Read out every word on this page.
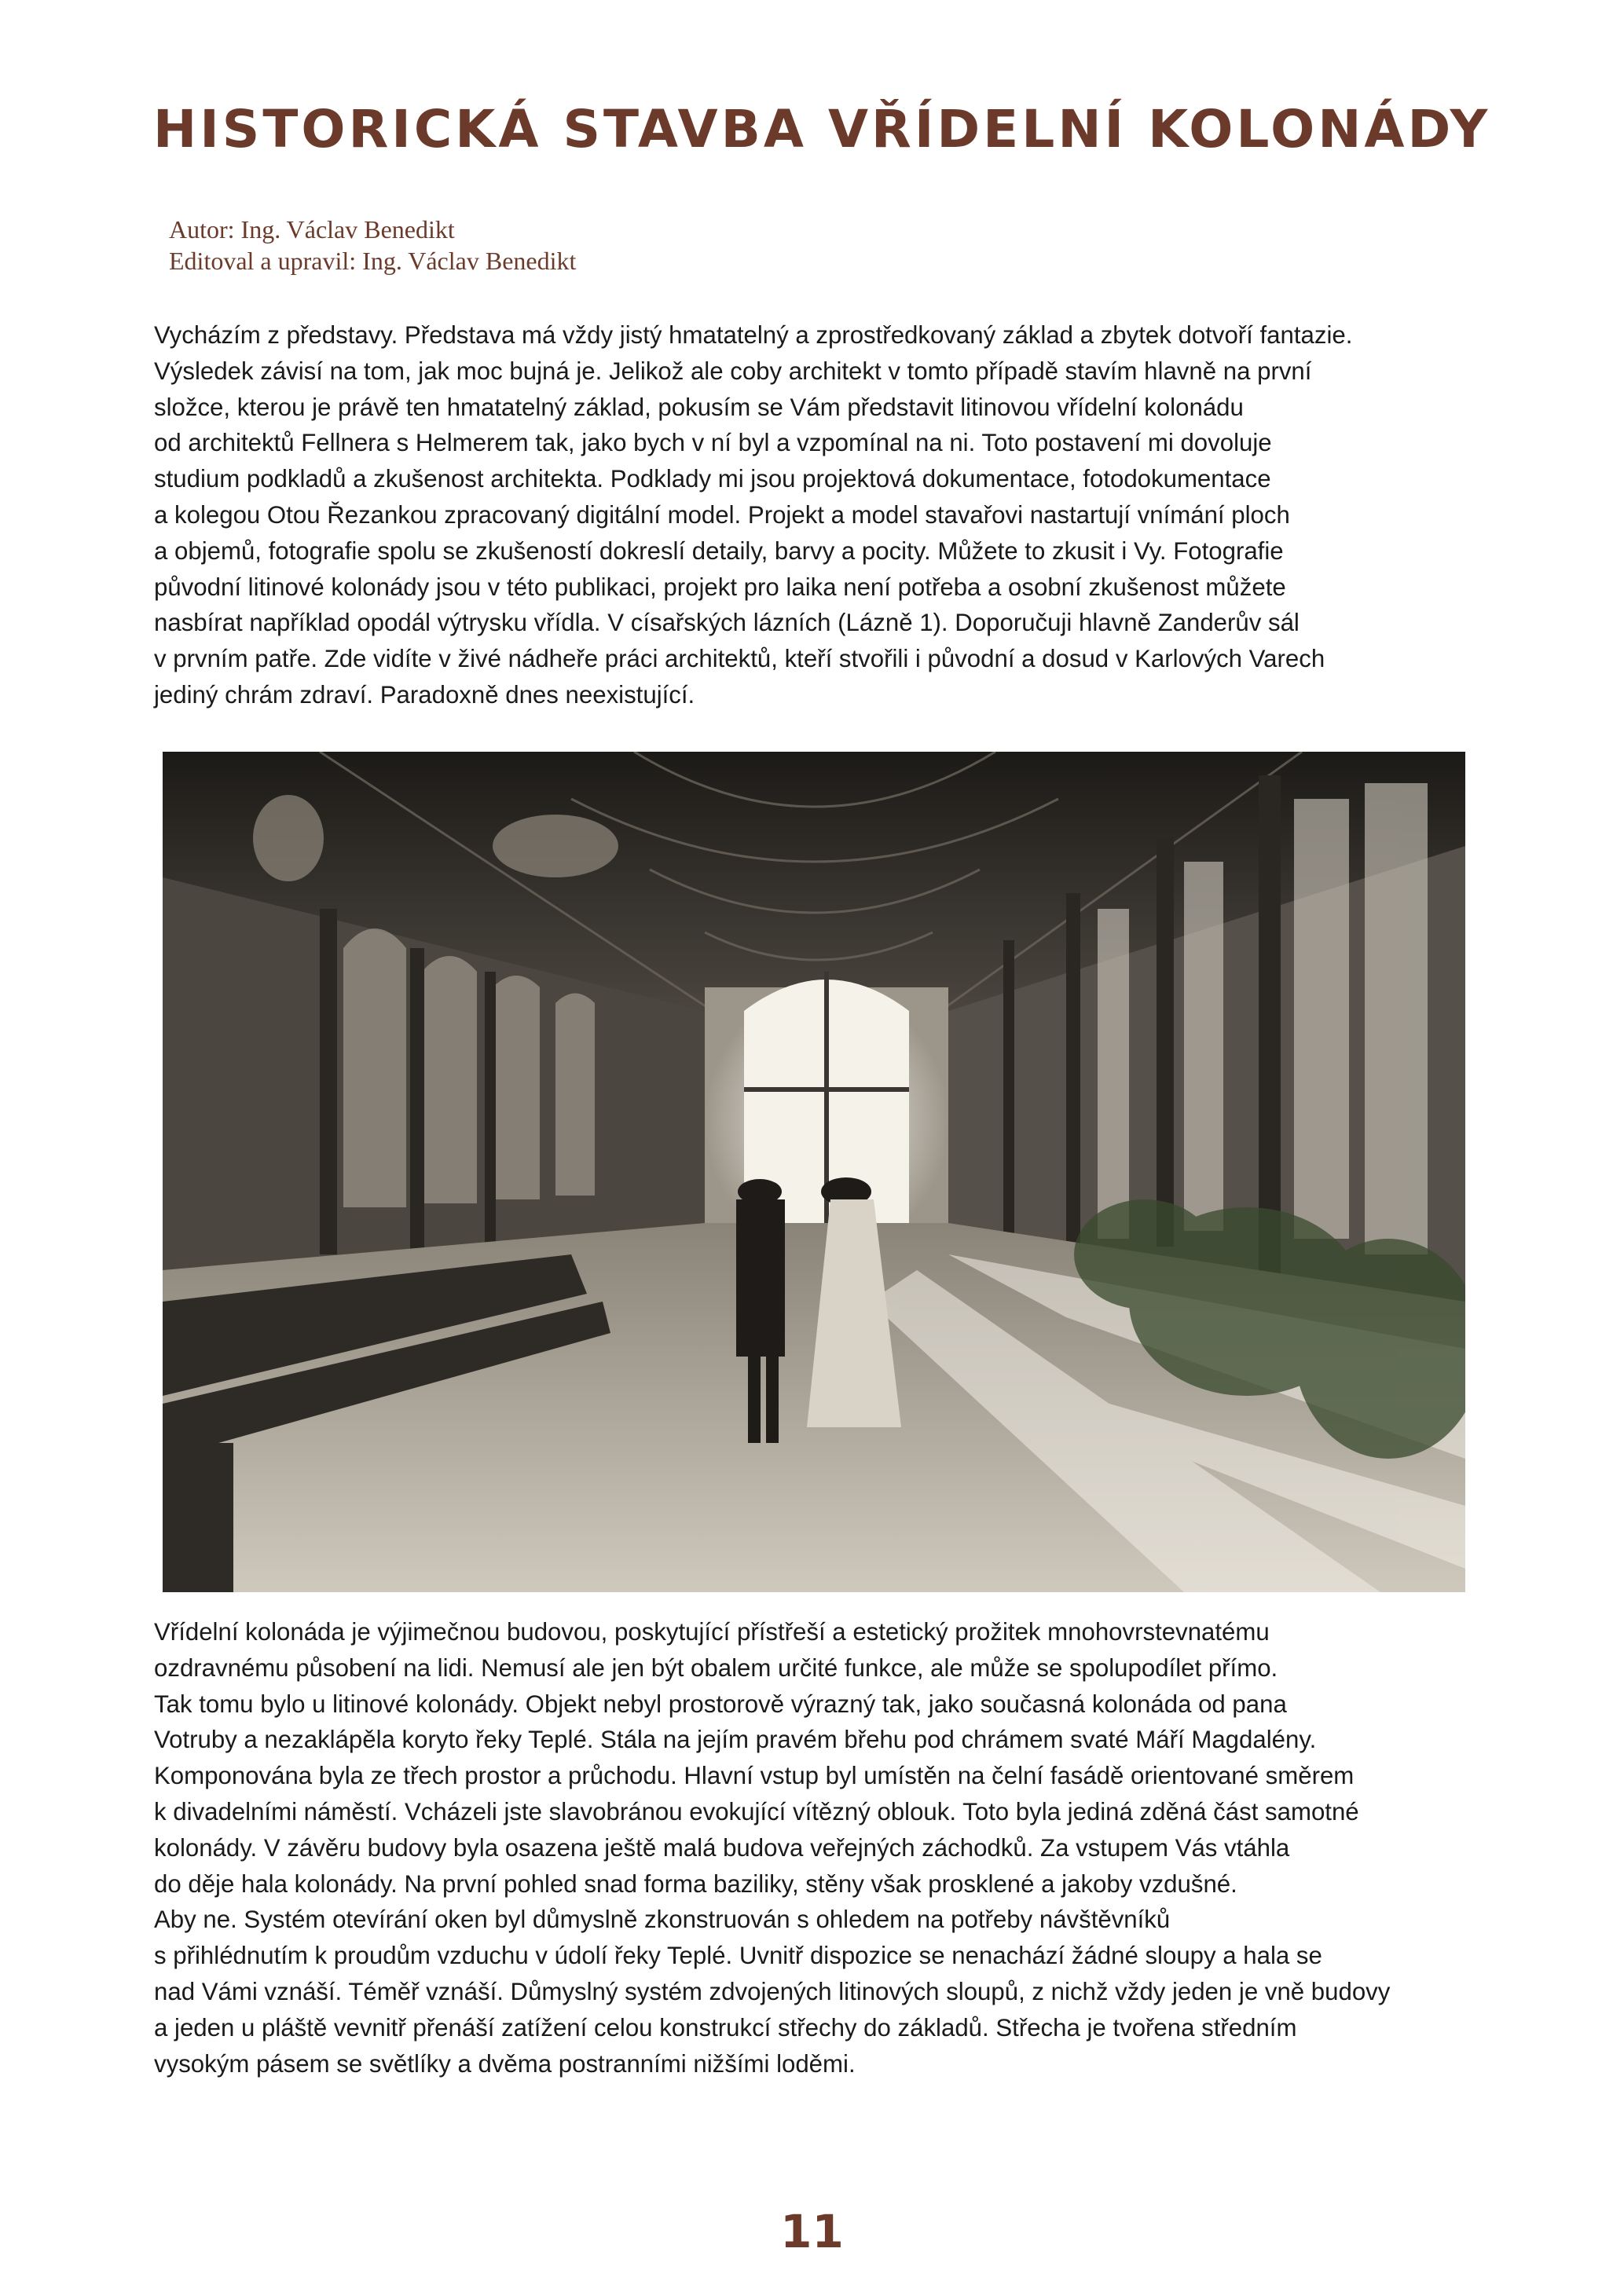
HISTORICKÁ STAVBA VŘÍDELNÍ KOLONÁDY
Autor: Ing. Václav Benedikt
Editoval a upravil: Ing. Václav Benedikt
Vycházím z představy. Představa má vždy jistý hmatatelný a zprostředkovaný základ a zbytek dotvoří fantazie.
Výsledek závisí na tom, jak moc bujná je. Jelikož ale coby architekt v tomto případě stavím hlavně na první
složce, kterou je právě ten hmatatelný základ, pokusím se Vám představit litinovou vřídelní kolonádu
od architektů Fellnera s Helmerem tak, jako bych v ní byl a vzpomínal na ni. Toto postavení mi dovoluje
studium podkladů a zkušenost architekta. Podklady mi jsou projektová dokumentace, fotodokumentace
a kolegou Otou Řezankou zpracovaný digitální model. Projekt a model stavařovi nastartují vnímání ploch
a objemů, fotografie spolu se zkušeností dokreslí detaily, barvy a pocity. Můžete to zkusit i Vy. Fotografie
původní litinové kolonády jsou v této publikaci, projekt pro laika není potřeba a osobní zkušenost můžete
nasbírat například opodál výtrysku vřídla. V císařských lázních (Lázně 1). Doporučuji hlavně Zanderův sál
v prvním patře. Zde vidíte v živé nádheře práci architektů, kteří stvořili i původní a dosud v Karlových Varech
jediný chrám zdraví. Paradoxně dnes neexistující.
Vřídelní kolonáda je výjimečnou budovou, poskytující přístřeší a estetický prožitek mnohovrstevnatému
ozdravnému působení na lidi. Nemusí ale jen být obalem určité funkce, ale může se spolupodílet přímo.
Tak tomu bylo u litinové kolonády. Objekt nebyl prostorově výrazný tak, jako současná kolonáda od pana
Votruby a nezaklápěla koryto řeky Teplé. Stála na jejím pravém břehu pod chrámem svaté Máří Magdalény.
Komponována byla ze třech prostor a průchodu. Hlavní vstup byl umístěn na čelní fasádě orientované směrem
k divadelními náměstí. Vcházeli jste slavobránou evokující vítězný oblouk. Toto byla jediná zděná část samotné
kolonády. V závěru budovy byla osazena ještě malá budova veřejných záchodků. Za vstupem Vás vtáhla
do děje hala kolonády. Na první pohled snad forma baziliky, stěny však prosklené a jakoby vzdušné.
Aby ne. Systém otevírání oken byl důmyslně zkonstruován s ohledem na potřeby návštěvníků
s přihlédnutím k proudům vzduchu v údolí řeky Teplé. Uvnitř dispozice se nenachází žádné sloupy a hala se
nad Vámi vznáší. Téměř vznáší. Důmyslný systém zdvojených litinových sloupů, z nichž vždy jeden je vně budovy
a jeden u pláště vevnitř přenáší zatížení celou konstrukcí střechy do základů. Střecha je tvořena středním
vysokým pásem se světlíky a dvěma postranními nižšími loděmi.
11
